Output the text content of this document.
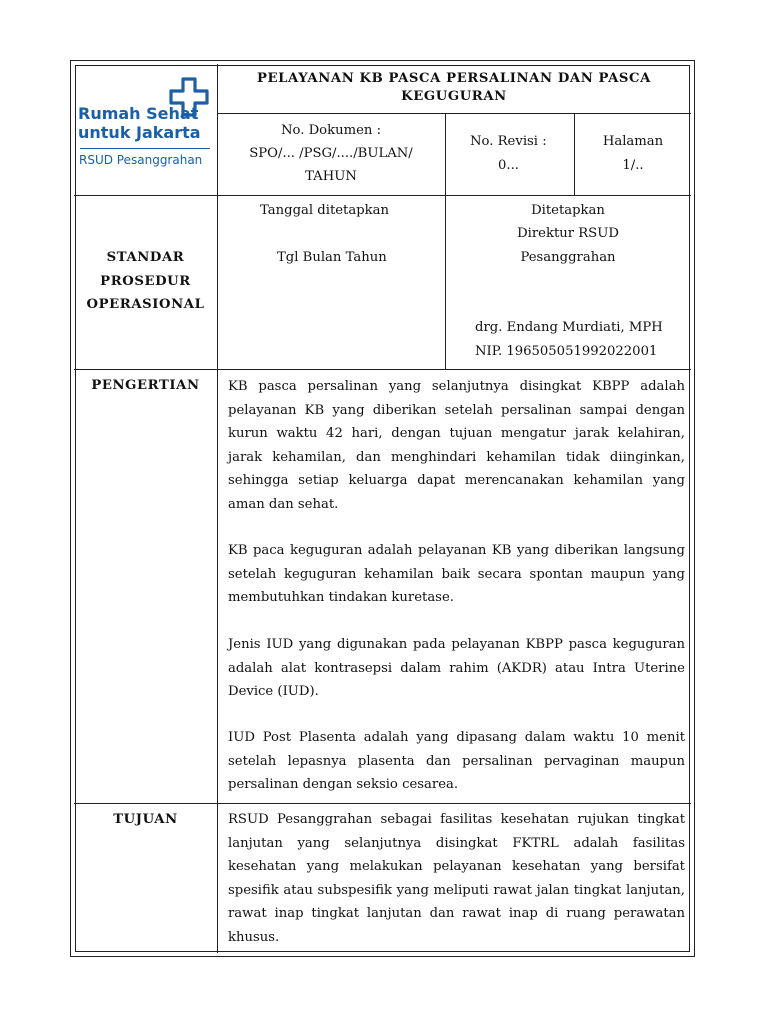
Rumah Sehat
untuk Jakarta
RSUD Pesanggrahan
PELAYANAN KB PASCA PERSALINAN DAN PASCA
KEGUGURAN
No. Dokumen :
SPO/... /PSG/..../BULAN/
TAHUN
No. Revisi :
0...
Halaman
1/..
STANDAR
PROSEDUR
OPERASIONAL
Tanggal ditetapkan
Tgl Bulan Tahun
Ditetapkan
Direktur RSUD
Pesanggrahan
drg. Endang Murdiati, MPH
NIP. 196505051992022001
PENGERTIAN	KB pasca persalinan yang selanjutnya disingkat KBPP adalah pelayanan KB yang diberikan setelah persalinan sampai dengan kurun waktu 42 hari, dengan tujuan mengatur jarak kelahiran, jarak kehamilan, dan menghindari kehamilan tidak diinginkan, sehingga setiap keluarga dapat merencanakan kehamilan yang aman dan sehat.
KB paca keguguran adalah pelayanan KB yang diberikan langsung setelah keguguran kehamilan baik secara spontan maupun yang membutuhkan tindakan kuretase.
Jenis IUD yang digunakan pada pelayanan KBPP pasca keguguran adalah alat kontrasepsi dalam rahim (AKDR) atau Intra Uterine Device (IUD).
IUD Post Plasenta adalah yang dipasang dalam waktu 10 menit setelah lepasnya plasenta dan persalinan pervaginan maupun persalinan dengan seksio cesarea.
TUJUAN	RSUD Pesanggrahan sebagai fasilitas kesehatan rujukan tingkat lanjutan yang selanjutnya disingkat FKTRL adalah fasilitas kesehatan yang melakukan pelayanan kesehatan yang bersifat spesifik atau subspesifik yang meliputi rawat jalan tingkat lanjutan, rawat inap tingkat lanjutan dan rawat inap di ruang perawatan khusus.
